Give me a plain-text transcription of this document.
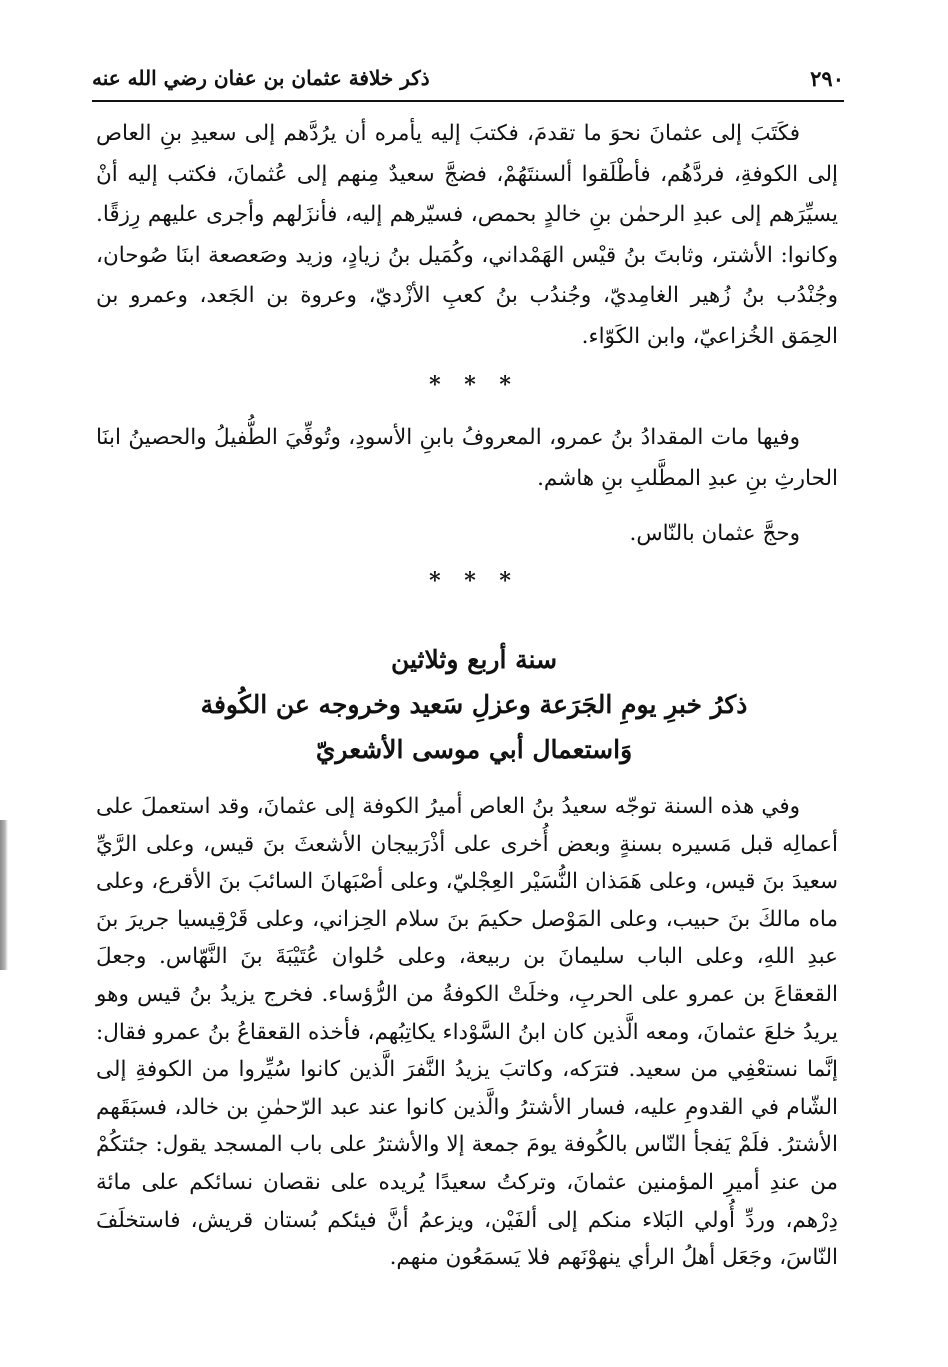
٢٩٠
ذكر خلافة عثمان بن عفان رضي الله عنه

فكَتَبَ إلى عثمانَ نحوَ ما تقدمَ، فكتبَ إليه يأمره أن يرُدَّهم إلى سعيدِ بنِ العاص إلى الكوفةِ، فردَّهُم، فأطْلَقوا ألسنتَهُمْ، فضجَّ سعيدٌ مِنهم إلى عُثمانَ، فكتب إليه أنْ يسيِّرَهم إلى عبدِ الرحمٰن بنِ خالدٍ بحمص، فسيّرهم إليه، فأنزَلهم وأجرى عليهم رِزقًا. وكانوا: الأشتر، وثابتَ بنُ قيْس الهَمْداني، وكُمَيل بنُ زيادٍ، وزيد وصَعصعة ابنَا صُوحان، وجُنْدُب بنُ زُهير الغامِديّ، وجُندُب بنُ كعبِ الأزْديّ، وعروة بن الجَعد، وعمرو بن الحِمَق الخُزاعيّ، وابن الكَوّاء.

* * *

وفيها مات المقدادُ بنُ عمرو، المعروفُ بابنِ الأسودِ، وتُوفِّيَ الطُّفيلُ والحصينُ ابنَا الحارثِ بنِ عبدِ المطَّلبِ بنِ هاشم.

وحجَّ عثمان بالنّاس.

* * *
سنة أربع وثلاثين
ذكرُ خبرِ يومِ الجَرَعة وعزلِ سَعيد وخروجه عن الكُوفة
وَاستعمال أبي موسى الأشعريّ

وفي هذه السنة توجّه سعيدُ بنُ العاص أميرُ الكوفة إلى عثمانَ، وقد استعملَ على أعمالِه قبل مَسيره بسنةٍ وبعض أُخرى على أذْرَبيجان الأشعثَ بنَ قيس، وعلى الرَّيِّ سعيدَ بنَ قيس، وعلى هَمَذان النُّسَيْر العِجْليّ، وعلى أصْبَهانَ السائبَ بنَ الأقرع، وعلى ماه مالكَ بنَ حبيب، وعلى المَوْصل حكيمَ بنَ سلام الحِزاني، وعلى قَرْقِيسيا جريرَ بنَ عبدِ اللهِ، وعلى الباب سليمانَ بن ربيعة، وعلى حُلوان عُتَيْبَةَ بنَ النَّهّاس. وجعلَ القعقاعَ بن عمرو على الحربِ، وخلَتْ الكوفةُ من الرُّؤساء. فخرج يزيدُ بنُ قيس وهو يريدُ خلعَ عثمانَ، ومعه الَّذين كان ابنُ السَّوْداء يكاتِبُهم، فأخذه القعقاعُ بنُ عمرو فقال: إنَّما نستعْفِي من سعيد. فترَكه، وكاتبَ يزيدُ النَّفرَ الَّذين كانوا سُيِّروا من الكوفةِ إلى الشّام في القدومِ عليه، فسار الأشترُ والَّذين كانوا عند عبد الرّحمٰنِ بن خالد، فسبَقَهم الأشترُ. فلَمْ يَفجأ النّاس بالكُوفة يومَ جمعة إلا والأشترُ على باب المسجد يقول: جئتكُمْ من عندِ أميرِ المؤمنين عثمانَ، وتركتُ سعيدًا يُريده على نقصان نسائكم على مائة دِرْهم، وردِّ أُولي البَلاء منكم إلى ألفَيْن، ويزعمُ أنَّ فيئكم بُستان قريش، فاستخلَفَ النّاسَ، وجَعَل أهلُ الرأي ينهوْنَهم فلا يَسمَعُون منهم.
